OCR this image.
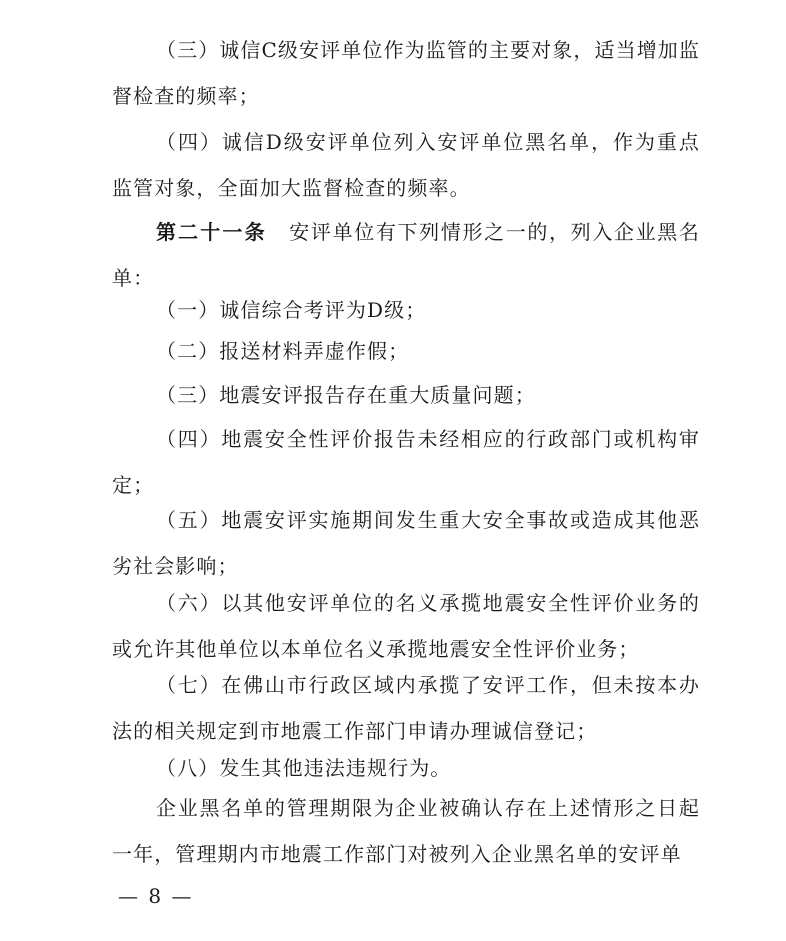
（三）诚信C级安评单位作为监管的主要对象，适当增加监督检查的频率；

（四）诚信D级安评单位列入安评单位黑名单，作为重点监管对象，全面加大监督检查的频率。

第二十一条 安评单位有下列情形之一的，列入企业黑名单：

（一）诚信综合考评为D级；

（二）报送材料弄虚作假；

（三）地震安评报告存在重大质量问题；

（四）地震安全性评价报告未经相应的行政部门或机构审定；

（五）地震安评实施期间发生重大安全事故或造成其他恶劣社会影响；

（六）以其他安评单位的名义承揽地震安全性评价业务的或允许其他单位以本单位名义承揽地震安全性评价业务；

（七）在佛山市行政区域内承揽了安评工作，但未按本办法的相关规定到市地震工作部门申请办理诚信登记；

（八）发生其他违法违规行为。

企业黑名单的管理期限为企业被确认存在上述情形之日起一年，管理期内市地震工作部门对被列入企业黑名单的安评单

— 8 —
